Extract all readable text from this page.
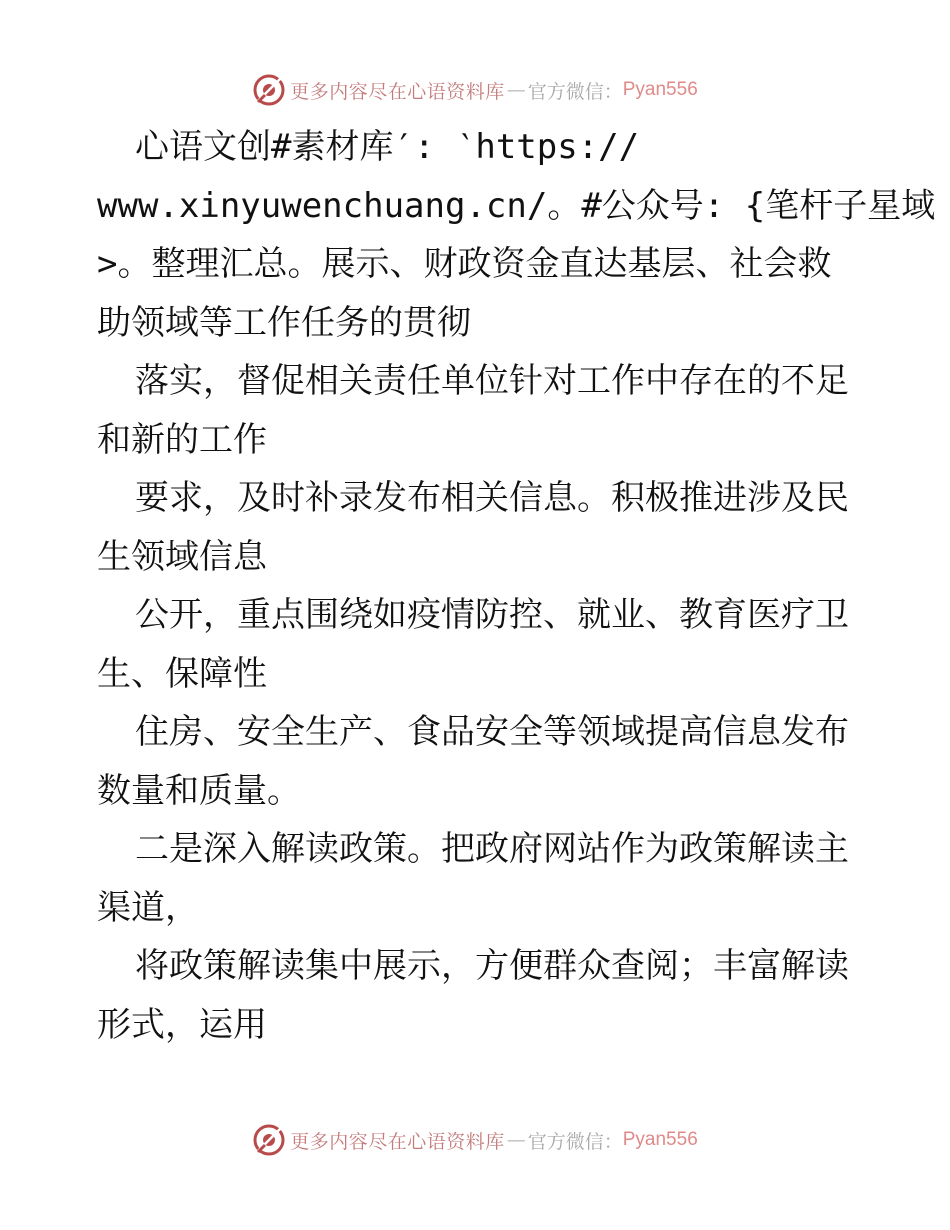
更多内容尽在心语资料库 — 官方微信： Pyan556
心语文创#素材库′: ‵https://
www.xinyuwenchuang.cn/。#公众号: {笔杆子星域
>。整理汇总。展示、财政资金直达基层、社会救
助领域等工作任务的贯彻
落实，督促相关责任单位针对工作中存在的不足
和新的工作
要求，及时补录发布相关信息。积极推进涉及民
生领域信息
公开，重点围绕如疫情防控、就业、教育医疗卫
生、保障性
住房、安全生产、食品安全等领域提高信息发布
数量和质量。
二是深入解读政策。把政府网站作为政策解读主
渠道，
将政策解读集中展示，方便群众查阅；丰富解读
形式，运用
更多内容尽在心语资料库 — 官方微信： Pyan556
